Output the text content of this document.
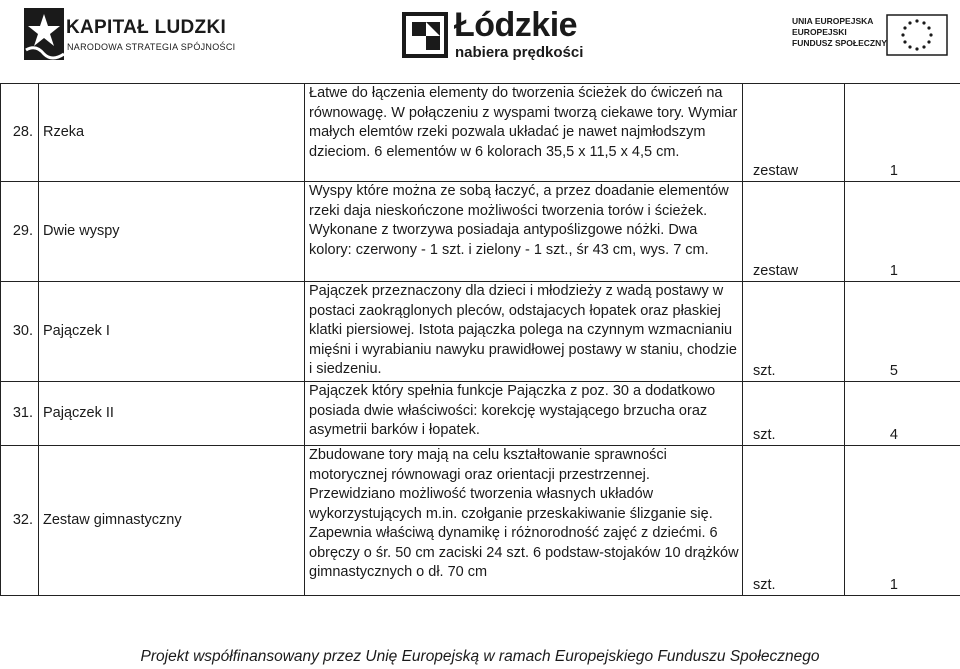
KAPITAŁ LUDZKI
NARODOWA STRATEGIA SPÓJNOŚCI
Łódzkie
nabiera prędkości
UNIA EUROPEJSKA
EUROPEJSKI
FUNDUSZ SPOŁECZNY
28.	Rzeka	Łatwe do łączenia elementy do tworzenia ścieżek do ćwiczeń na równowagę. W połączeniu z wyspami tworzą ciekawe tory. Wymiar małych elemtów rzeki pozwala układać je nawet najmłodszym dzieciom. 6 elementów w 6 kolorach 35,5 x 11,5 x 4,5 cm.	zestaw	1
29.	Dwie wyspy	Wyspy które można ze sobą łaczyć, a przez doadanie elementów rzeki daja nieskończone możliwości tworzenia torów i ścieżek. Wykonane z tworzywa posiadaja antypoślizgowe nóżki. Dwa kolory: czerwony - 1 szt. i zielony - 1 szt., śr 43 cm, wys. 7 cm.	zestaw	1
30.	Pajączek I	Pajączek przeznaczony dla dzieci i młodzieży z wadą postawy w postaci zaokrąglonych pleców, odstajacych łopatek oraz płaskiej klatki piersiowej. Istota pajączka polega na czynnym wzmacnianiu mięśni i wyrabianiu nawyku prawidłowej postawy w staniu, chodzie i siedzeniu.	szt.	5
31.	Pajączek II	Pajączek który spełnia funkcje Pajączka z poz. 30 a dodatkowo posiada dwie właściwości: korekcję wystającego brzucha oraz asymetrii barków i łopatek.	szt.	4
32.	Zestaw gimnastyczny	Zbudowane tory mają na celu kształtowanie sprawności motorycznej równowagi oraz orientacji przestrzennej. Przewidziano możliwość tworzenia własnych układów wykorzystujących m.in. czołganie przeskakiwanie ślizganie się. Zapewnia właściwą dynamikę i różnorodność zajęć z dziećmi. 6 obręczy o śr. 50 cm zaciski 24 szt. 6 podstaw-stojaków 10 drążków gimnastycznych o dł. 70 cm	szt.	1
Projekt współfinansowany przez Unię Europejską w ramach Europejskiego Funduszu Społecznego
